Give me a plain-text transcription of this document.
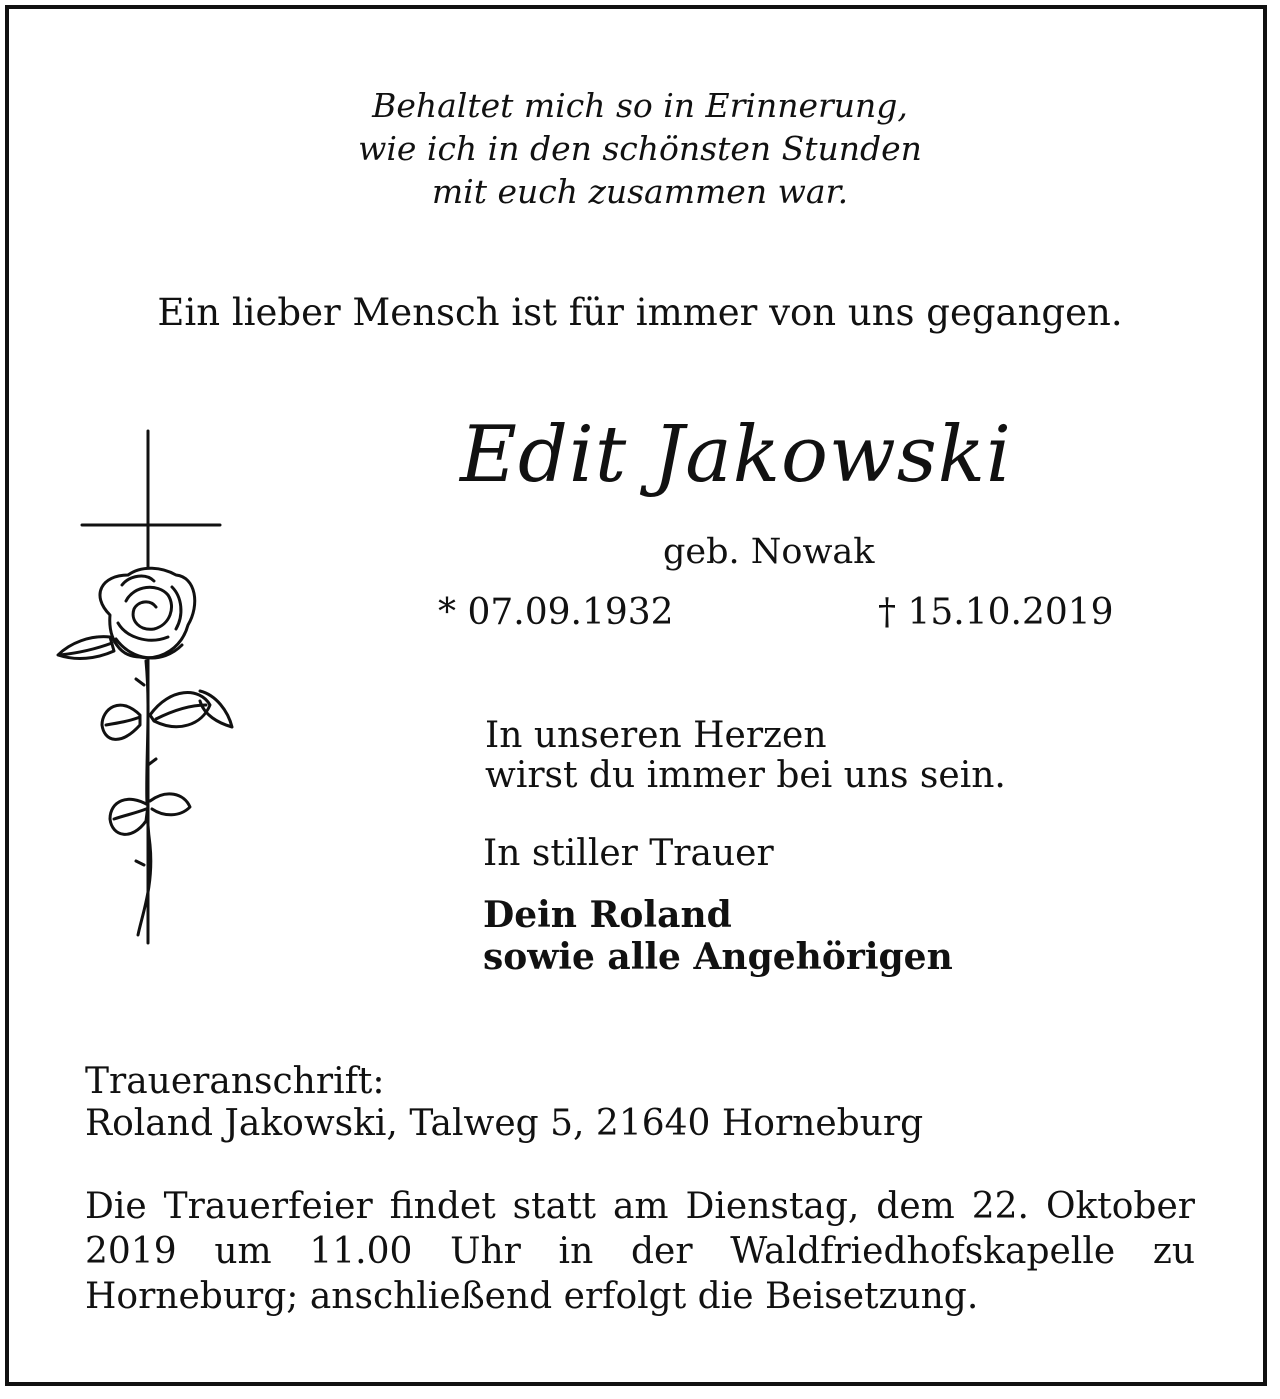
Behaltet mich so in Erinnerung,
wie ich in den schönsten Stunden
mit euch zusammen war.
Ein lieber Mensch ist für immer von uns gegangen.
Edit Jakowski
geb. Nowak
* 07.09.1932	† 15.10.2019
In unseren Herzen
wirst du immer bei uns sein.
In stiller Trauer
Dein Roland
sowie alle Angehörigen
Traueranschrift:
Roland Jakowski, Talweg 5, 21640 Horneburg
Die Trauerfeier findet statt am Dienstag, dem 22. Oktober 2019 um 11.00 Uhr in der Waldfriedhofskapelle zu Horneburg; anschließend erfolgt die Beisetzung.
